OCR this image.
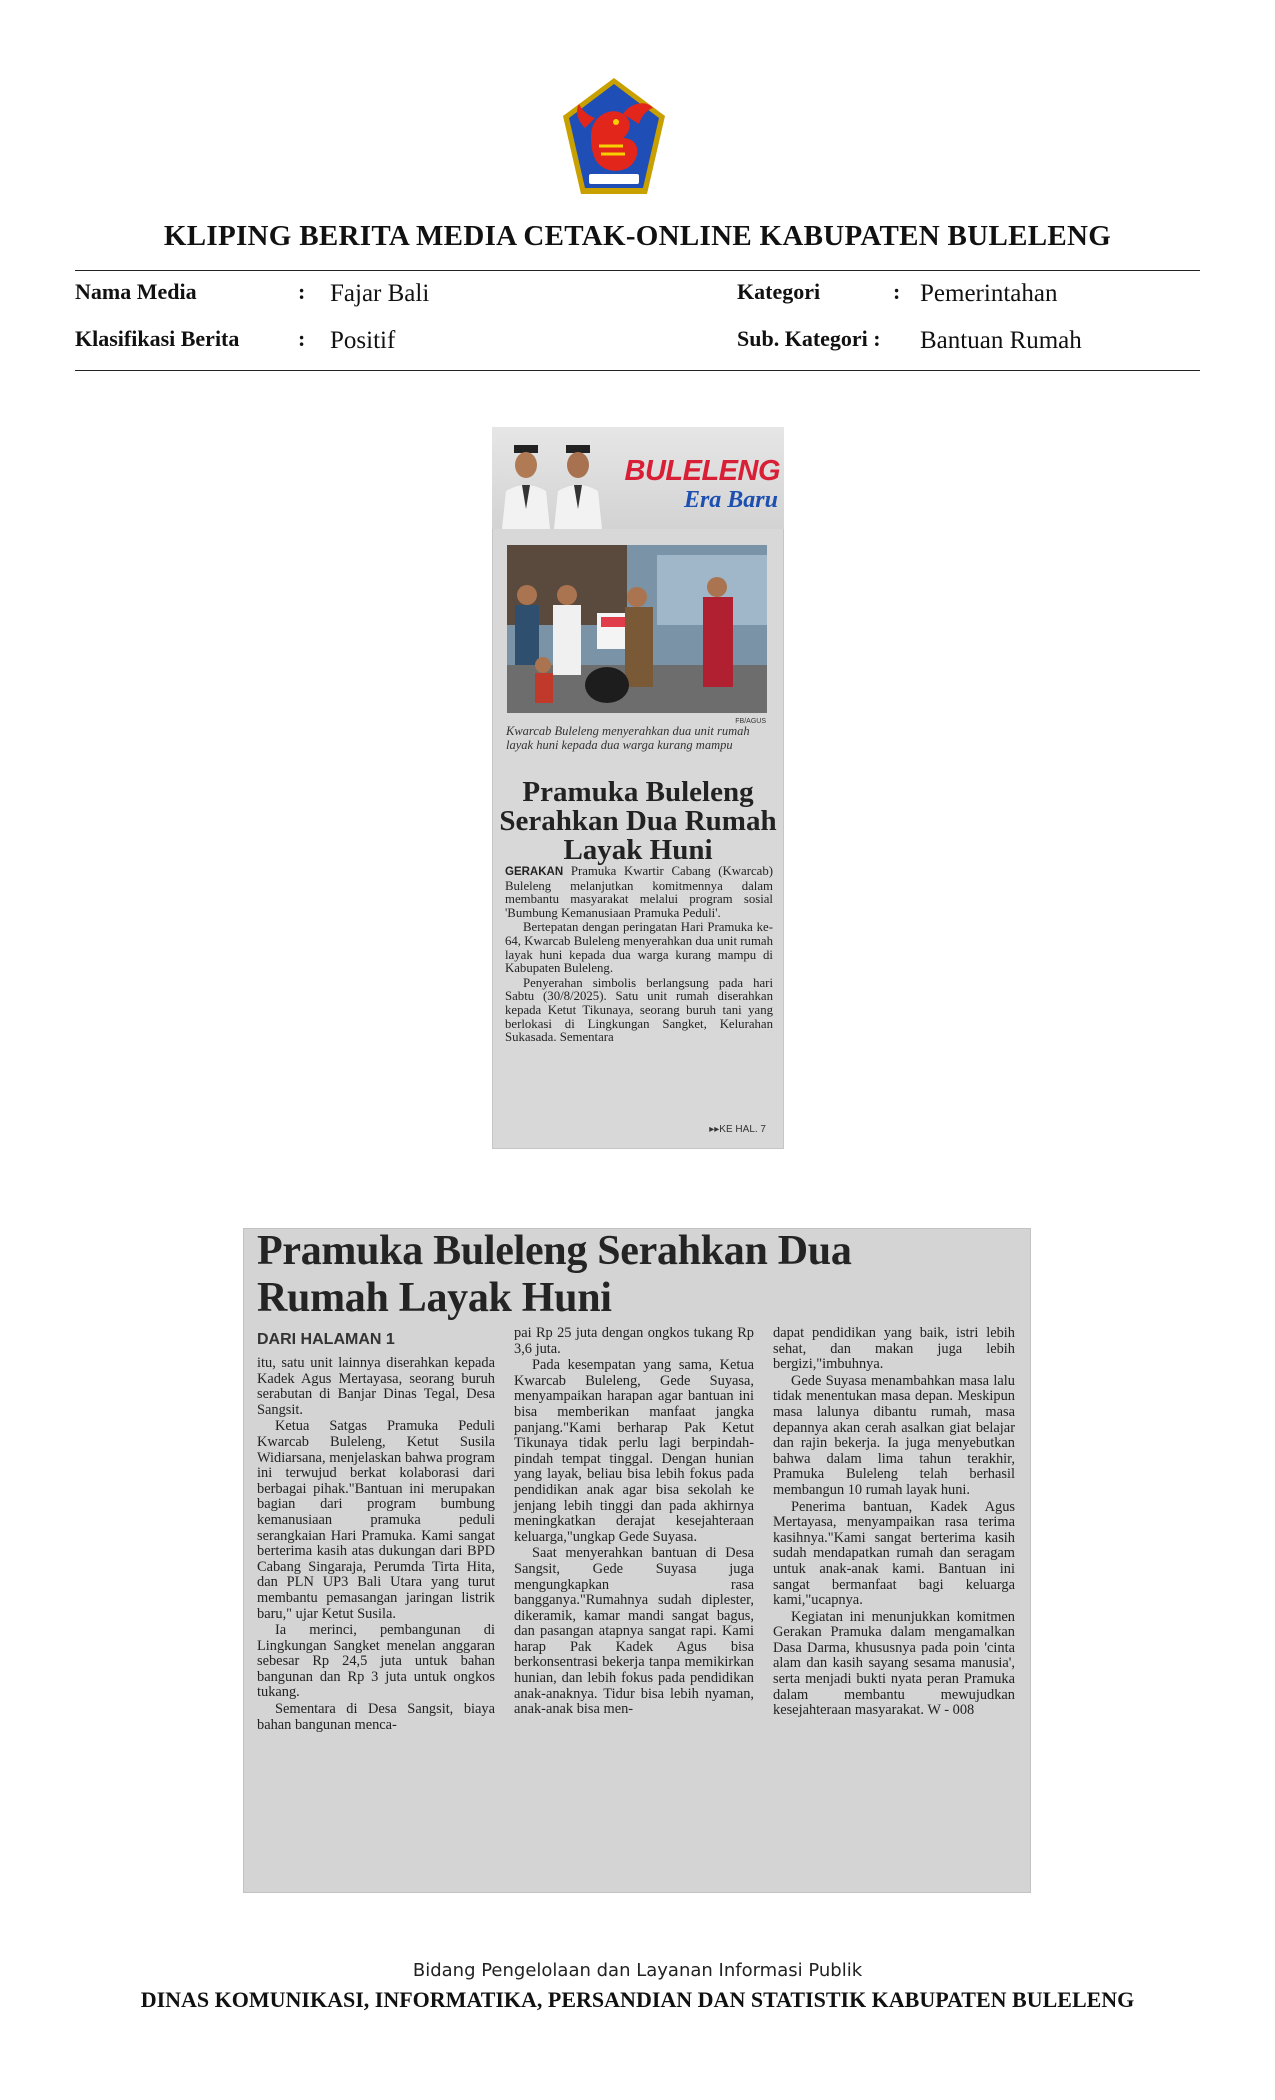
KLIPING BERITA MEDIA CETAK-ONLINE KABUPATEN BULELENG
Nama Media	: Fajar Bali	Kategori	: Pemerintahan
Klasifikasi Berita	: Positif	Sub. Kategori : Bantuan Rumah
BULELENG
Era Baru
FB/AGUS
Kwarcab Buleleng menyerahkan dua unit rumah layak huni kepada dua warga kurang mampu
Pramuka Buleleng Serahkan Dua Rumah Layak Huni

GERAKAN Pramuka Kwartir Cabang (Kwarcab) Buleleng melanjutkan komitmennya dalam membantu masyarakat melalui program sosial 'Bumbung Kemanusiaan Pramuka Peduli'.

Bertepatan dengan peringatan Hari Pramuka ke-64, Kwarcab Buleleng menyerahkan dua unit rumah layak huni kepada dua warga kurang mampu di Kabupaten Buleleng.

Penyerahan simbolis berlangsung pada hari Sabtu (30/8/2025). Satu unit rumah diserahkan kepada Ketut Tikunaya, seorang buruh tani yang berlokasi di Lingkungan Sangket, Kelurahan Sukasada. Sementara

▸▸KE HAL. 7
Pramuka Buleleng Serahkan Dua
Rumah Layak Huni
DARI HALAMAN 1

itu, satu unit lainnya diserahkan kepada Kadek Agus Mertayasa, seorang buruh serabutan di Banjar Dinas Tegal, Desa Sangsit.

Ketua Satgas Pramuka Peduli Kwarcab Buleleng, Ketut Susila Widiarsana, menjelaskan bahwa program ini terwujud berkat kolaborasi dari berbagai pihak."Bantuan ini merupakan bagian dari program bumbung kemanusiaan pramuka peduli serangkaian Hari Pramuka. Kami sangat berterima kasih atas dukungan dari BPD Cabang Singaraja, Perumda Tirta Hita, dan PLN UP3 Bali Utara yang turut membantu pemasangan jaringan listrik baru," ujar Ketut Susila.

Ia merinci, pembangunan di Lingkungan Sangket menelan anggaran sebesar Rp 24,5 juta untuk bahan bangunan dan Rp 3 juta untuk ongkos tukang.

Sementara di Desa Sangsit, biaya bahan bangunan menca-

pai Rp 25 juta dengan ongkos tukang Rp 3,6 juta.

Pada kesempatan yang sama, Ketua Kwarcab Buleleng, Gede Suyasa, menyampaikan harapan agar bantuan ini bisa memberikan manfaat jangka panjang."Kami berharap Pak Ketut Tikunaya tidak perlu lagi berpindah-pindah tempat tinggal. Dengan hunian yang layak, beliau bisa lebih fokus pada pendidikan anak agar bisa sekolah ke jenjang lebih tinggi dan pada akhirnya meningkatkan derajat kesejahteraan keluarga,"ungkap Gede Suyasa.

Saat menyerahkan bantuan di Desa Sangsit, Gede Suyasa juga mengungkapkan rasa bangganya."Rumahnya sudah diplester, dikeramik, kamar mandi sangat bagus, dan pasangan atapnya sangat rapi. Kami harap Pak Kadek Agus bisa berkonsentrasi bekerja tanpa memikirkan hunian, dan lebih fokus pada pendidikan anak-anaknya. Tidur bisa lebih nyaman, anak-anak bisa men-

dapat pendidikan yang baik, istri lebih sehat, dan makan juga lebih bergizi,"imbuhnya.

Gede Suyasa menambahkan masa lalu tidak menentukan masa depan. Meskipun masa lalunya dibantu rumah, masa depannya akan cerah asalkan giat belajar dan rajin bekerja. Ia juga menyebutkan bahwa dalam lima tahun terakhir, Pramuka Buleleng telah berhasil membangun 10 rumah layak huni.

Penerima bantuan, Kadek Agus Mertayasa, menyampaikan rasa terima kasihnya."Kami sangat berterima kasih sudah mendapatkan rumah dan seragam untuk anak-anak kami. Bantuan ini sangat bermanfaat bagi keluarga kami,"ucapnya.

Kegiatan ini menunjukkan komitmen Gerakan Pramuka dalam mengamalkan Dasa Darma, khususnya pada poin 'cinta alam dan kasih sayang sesama manusia', serta menjadi bukti nyata peran Pramuka dalam membantu mewujudkan kesejahteraan masyarakat. W - 008

Bidang Pengelolaan dan Layanan Informasi Publik
DINAS KOMUNIKASI, INFORMATIKA, PERSANDIAN DAN STATISTIK KABUPATEN BULELENG
